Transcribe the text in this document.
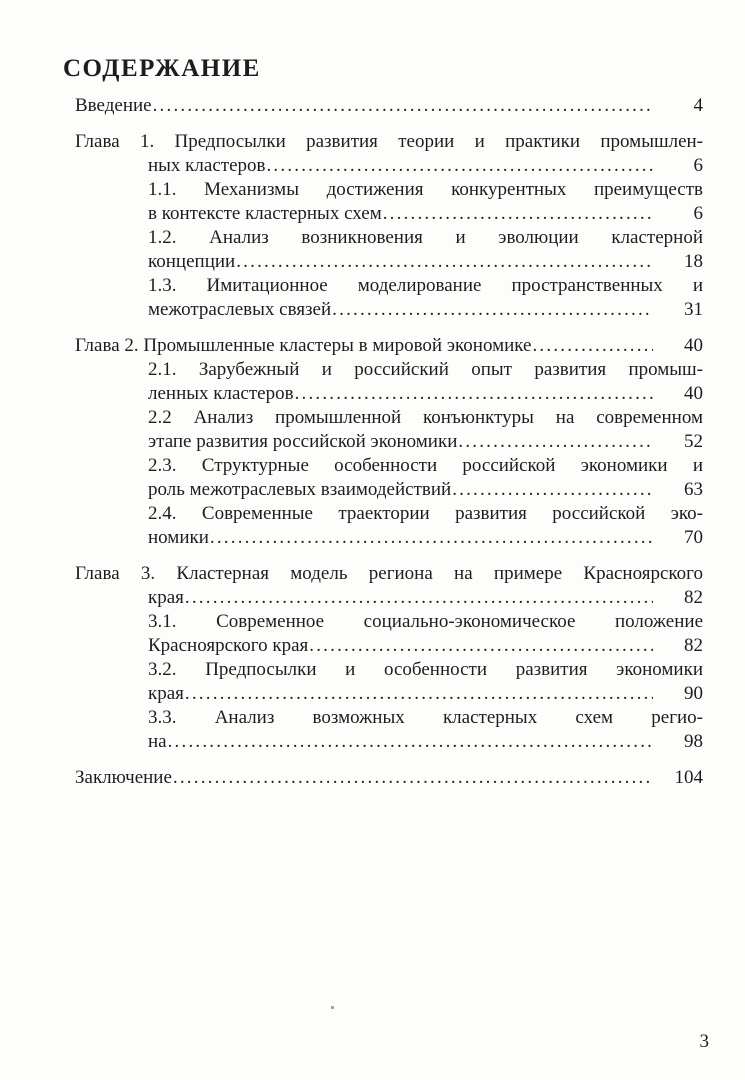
СОДЕРЖАНИЕ
Введение .....	4
Глава 1. Предпосылки развития теории и практики промышлен-
ных кластеров .....	6
1.1. Механизмы достижения конкурентных преимуществ
в контексте кластерных схем .....	6
1.2. Анализ возникновения и эволюции кластерной
концепции .....	18
1.3. Имитационное моделирование пространственных и
межотраслевых связей .....	31
Глава 2. Промышленные кластеры в мировой экономике .....	40
2.1. Зарубежный и российский опыт развития промыш-
ленных кластеров .....	40
2.2 Анализ промышленной конъюнктуры на современном
этапе развития российской экономики .....	52
2.3. Структурные особенности российской экономики и
роль межотраслевых взаимодействий .....	63
2.4. Современные траектории развития российской эко-
номики .....	70
Глава 3. Кластерная модель региона на примере Красноярского
края .....	82
3.1. Современное социально-экономическое положение
Красноярского края .....	82
3.2. Предпосылки и особенности развития экономики
края .....	90
3.3. Анализ возможных кластерных схем регио-
на .....	98
Заключение .....	104
3
